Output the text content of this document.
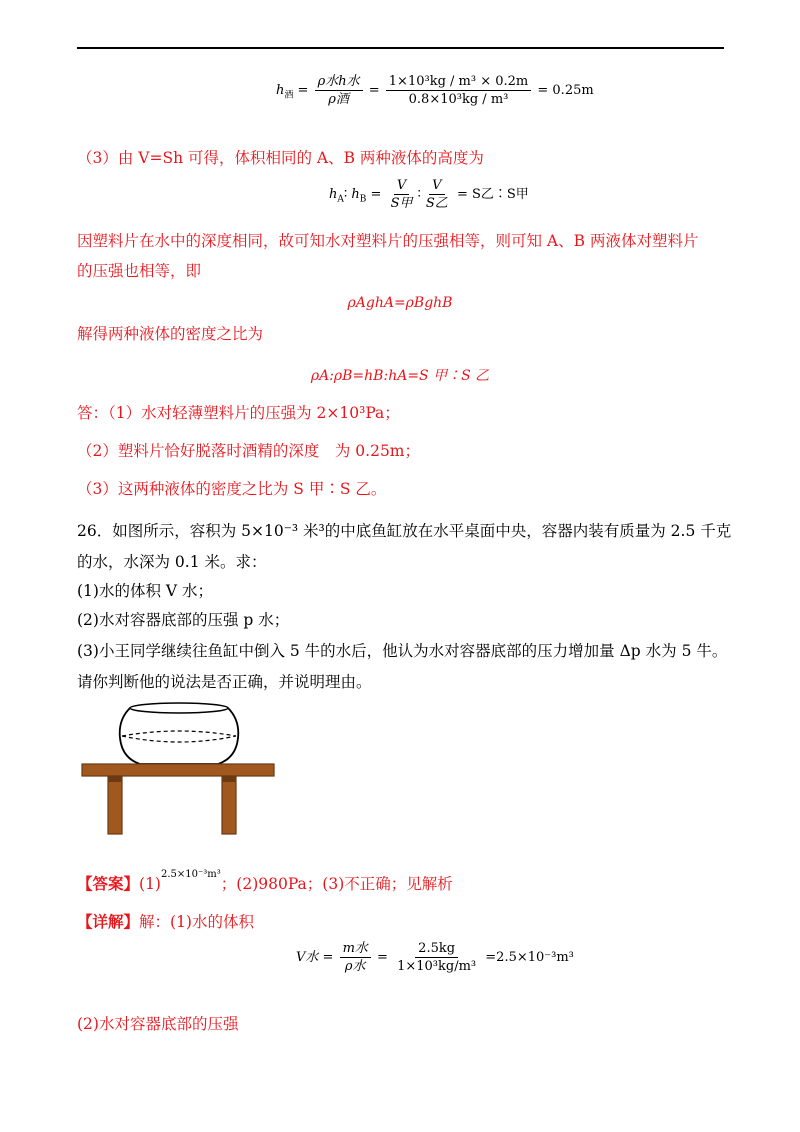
$h_酒 = \frac{\text{ρ水h水}}{\text{ρ酒}} = \frac{\text{1×10³kg / m³ × 0.2m}}{\text{0.8×10³kg / m³}} = 0.25m$
（3）由 V=Sh 可得，体积相同的 A、B 两种液体的高度为
$h_A∶$ $h_B = \frac{V}{\text{S甲}}$ ∶ $\frac{V}{\text{S乙}} = S$乙∶S甲
因塑料片在水中的深度相同，故可知水对塑料片的压强相等，则可知 A、B 两液体对塑料片
的压强也相等，即
ρAghA=ρBghB
解得两种液体的密度之比为
ρA:ρB=hB:hA=S 甲∶S 乙
答：（1）水对轻薄塑料片的压强为 2×10³Pa；
（2）塑料片恰好脱落时酒精的深度　为 0.25m；
（3）这两种液体的密度之比为 S 甲∶S 乙。
26．如图所示，容积为 5×10⁻³ 米³的中底鱼缸放在水平桌面中央，容器内装有质量为 2.5 千克
的水，水深为 0.1 米。求：
(1)水的体积 V 水；
(2)水对容器底部的压强 p 水；
(3)小王同学继续往鱼缸中倒入 5 牛的水后，他认为水对容器底部的压力增加量 Δp 水为 5 牛。
请你判断他的说法是否正确，并说明理由。
【答案】$(1)^{2.5\times 10^{-3}m^3}$；(2)980Pa；(3)不正确；见解析
【详解】解：(1)水的体积
V水 = $\frac{\text{m水}}{\text{ρ水}} = \frac{2.5kg}{\text{1×10³kg/m³}} =2.5\times 10^{-3}m^3$
(2)水对容器底部的压强
